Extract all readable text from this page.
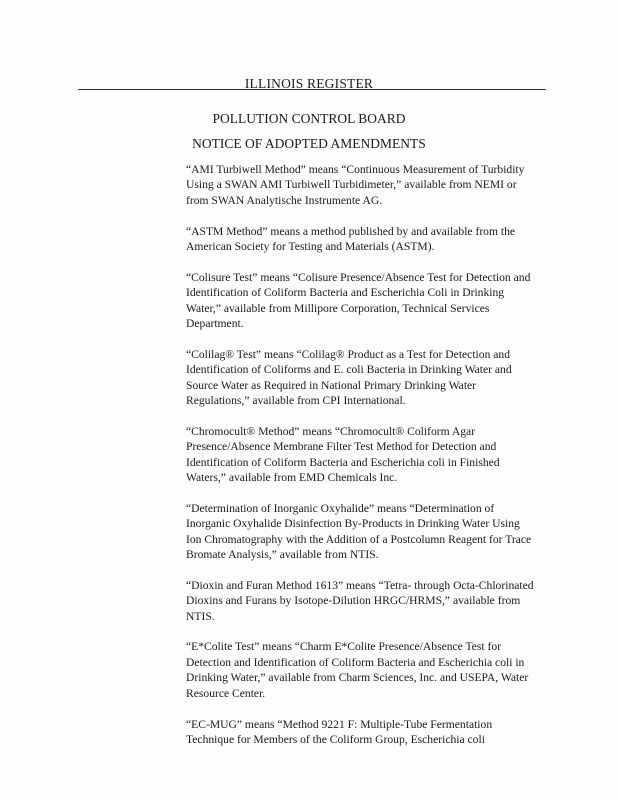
ILLINOIS REGISTER
POLLUTION CONTROL BOARD
NOTICE OF ADOPTED AMENDMENTS

“AMI Turbiwell Method” means “Continuous Measurement of Turbidity Using a SWAN AMI Turbiwell Turbidimeter,” available from NEMI or from SWAN Analytische Instrumente AG.

“ASTM Method” means a method published by and available from the American Society for Testing and Materials (ASTM).

“Colisure Test” means “Colisure Presence/Absence Test for Detection and Identification of Coliform Bacteria and Escherichia Coli in Drinking Water,” available from Millipore Corporation, Technical Services Department.

“Colilag® Test” means “Colilag® Product as a Test for Detection and Identification of Coliforms and E. coli Bacteria in Drinking Water and Source Water as Required in National Primary Drinking Water Regulations,” available from CPI International.

“Chromocult® Method” means “Chromocult® Coliform Agar Presence/Absence Membrane Filter Test Method for Detection and Identification of Coliform Bacteria and Escherichia coli in Finished Waters,” available from EMD Chemicals Inc.

“Determination of Inorganic Oxyhalide” means “Determination of Inorganic Oxyhalide Disinfection By-Products in Drinking Water Using Ion Chromatography with the Addition of a Postcolumn Reagent for Trace Bromate Analysis,” available from NTIS.

“Dioxin and Furan Method 1613” means “Tetra- through Octa-Chlorinated Dioxins and Furans by Isotope-Dilution HRGC/HRMS,” available from NTIS.

“E*Colite Test” means “Charm E*Colite Presence/Absence Test for Detection and Identification of Coliform Bacteria and Escherichia coli in Drinking Water,” available from Charm Sciences, Inc. and USEPA, Water Resource Center.

“EC-MUG” means “Method 9221 F: Multiple-Tube Fermentation Technique for Members of the Coliform Group, Escherichia coli
